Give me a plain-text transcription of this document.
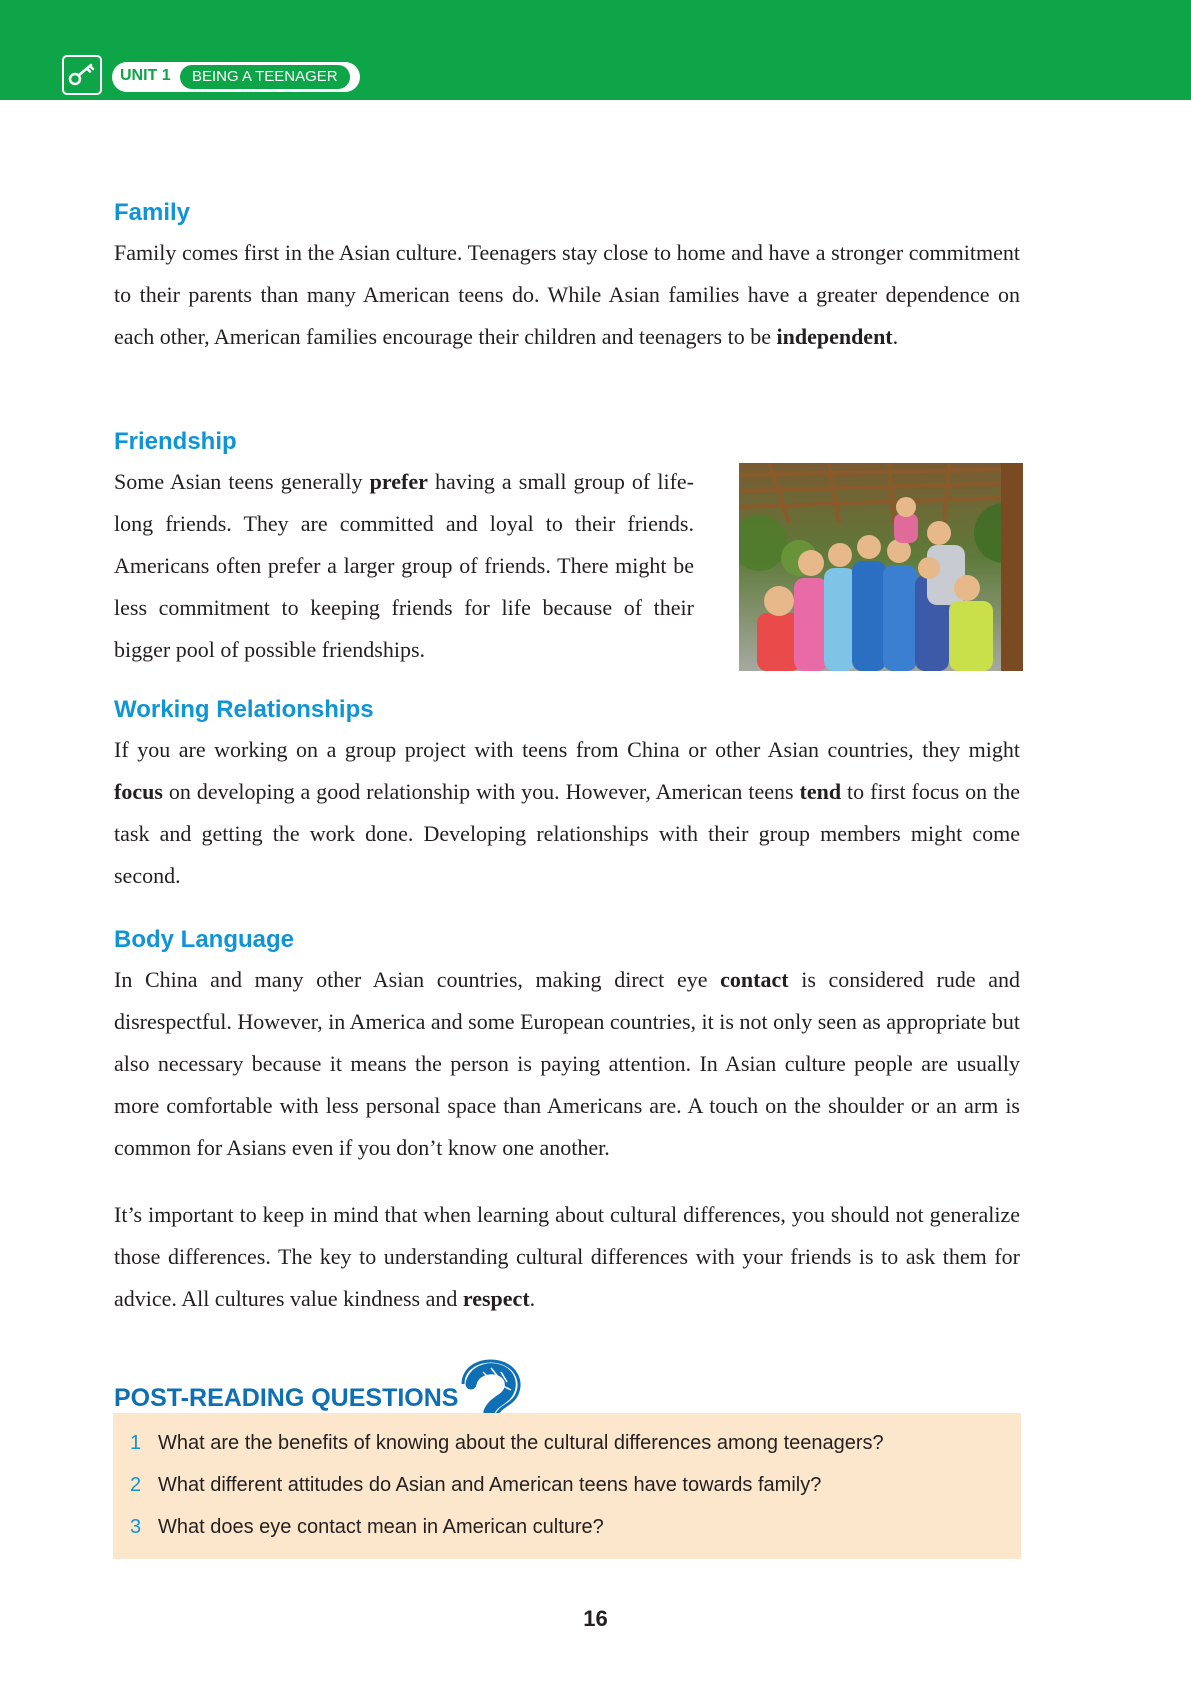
UNIT 1	BEING A TEENAGER
Family

Family comes first in the Asian culture. Teenagers stay close to home and have a stronger commitment to their parents than many American teens do. While Asian families have a greater dependence on each other, American families encourage their children and teenagers to be independent.

Friendship

Some Asian teens generally prefer having a small group of life-long friends. They are committed and loyal to their friends. Americans often prefer a larger group of friends. There might be less commitment to keeping friends for life because of their bigger pool of possible friendships.

Working Relationships

If you are working on a group project with teens from China or other Asian countries, they might focus on developing a good relationship with you. However, American teens tend to first focus on the task and getting the work done. Developing relationships with their group members might come second.

Body Language

In China and many other Asian countries, making direct eye contact is considered rude and disrespectful. However, in America and some European countries, it is not only seen as appropriate but also necessary because it means the person is paying attention. In Asian culture people are usually more comfortable with less personal space than Americans are. A touch on the shoulder or an arm is common for Asians even if you don’t know one another.

It’s important to keep in mind that when learning about cultural differences, you should not generalize those differences. The key to understanding cultural differences with your friends is to ask them for advice. All cultures value kindness and respect.

POST-READING QUESTIONS
1 What are the benefits of knowing about the cultural differences among teenagers?
2 What different attitudes do Asian and American teens have towards family?
3 What does eye contact mean in American culture?
16
